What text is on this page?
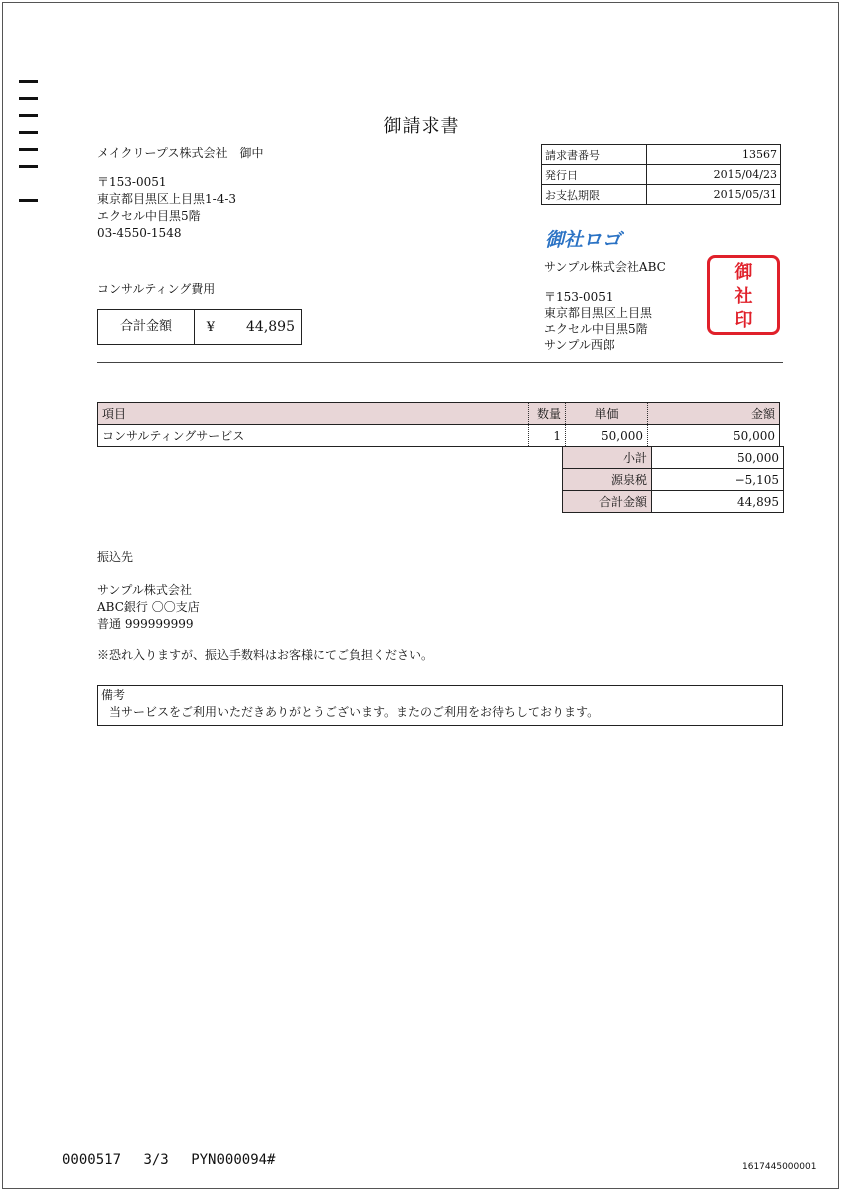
御請求書
メイクリープス株式会社　御中
〒153-0051
東京都目黒区上目黒1-4-3
エクセル中目黒5階
03-4550-1548
請求書番号	13567
発行日	2015/04/23
お支払期限	2015/05/31
御社ロゴ
サンプル株式会社ABC
〒153-0051
東京都目黒区上目黒
エクセル中目黒5階
サンプル西郎
御
社
印
コンサルティング費用
合計金額	¥	44,895
項目	数量	単価	金額
コンサルティングサービス	1	50,000	50,000
小計	50,000
源泉税	−5,105
合計金額	44,895
振込先
サンプル株式会社
ABC銀行 〇〇支店
普通 999999999
※恐れ入りますが、振込手数料はお客様にてご負担ください。
備考
当サービスをご利用いただきありがとうございます。またのご利用をお待ちしております。
0000517 3/3 PYN000094#	1617445000001
